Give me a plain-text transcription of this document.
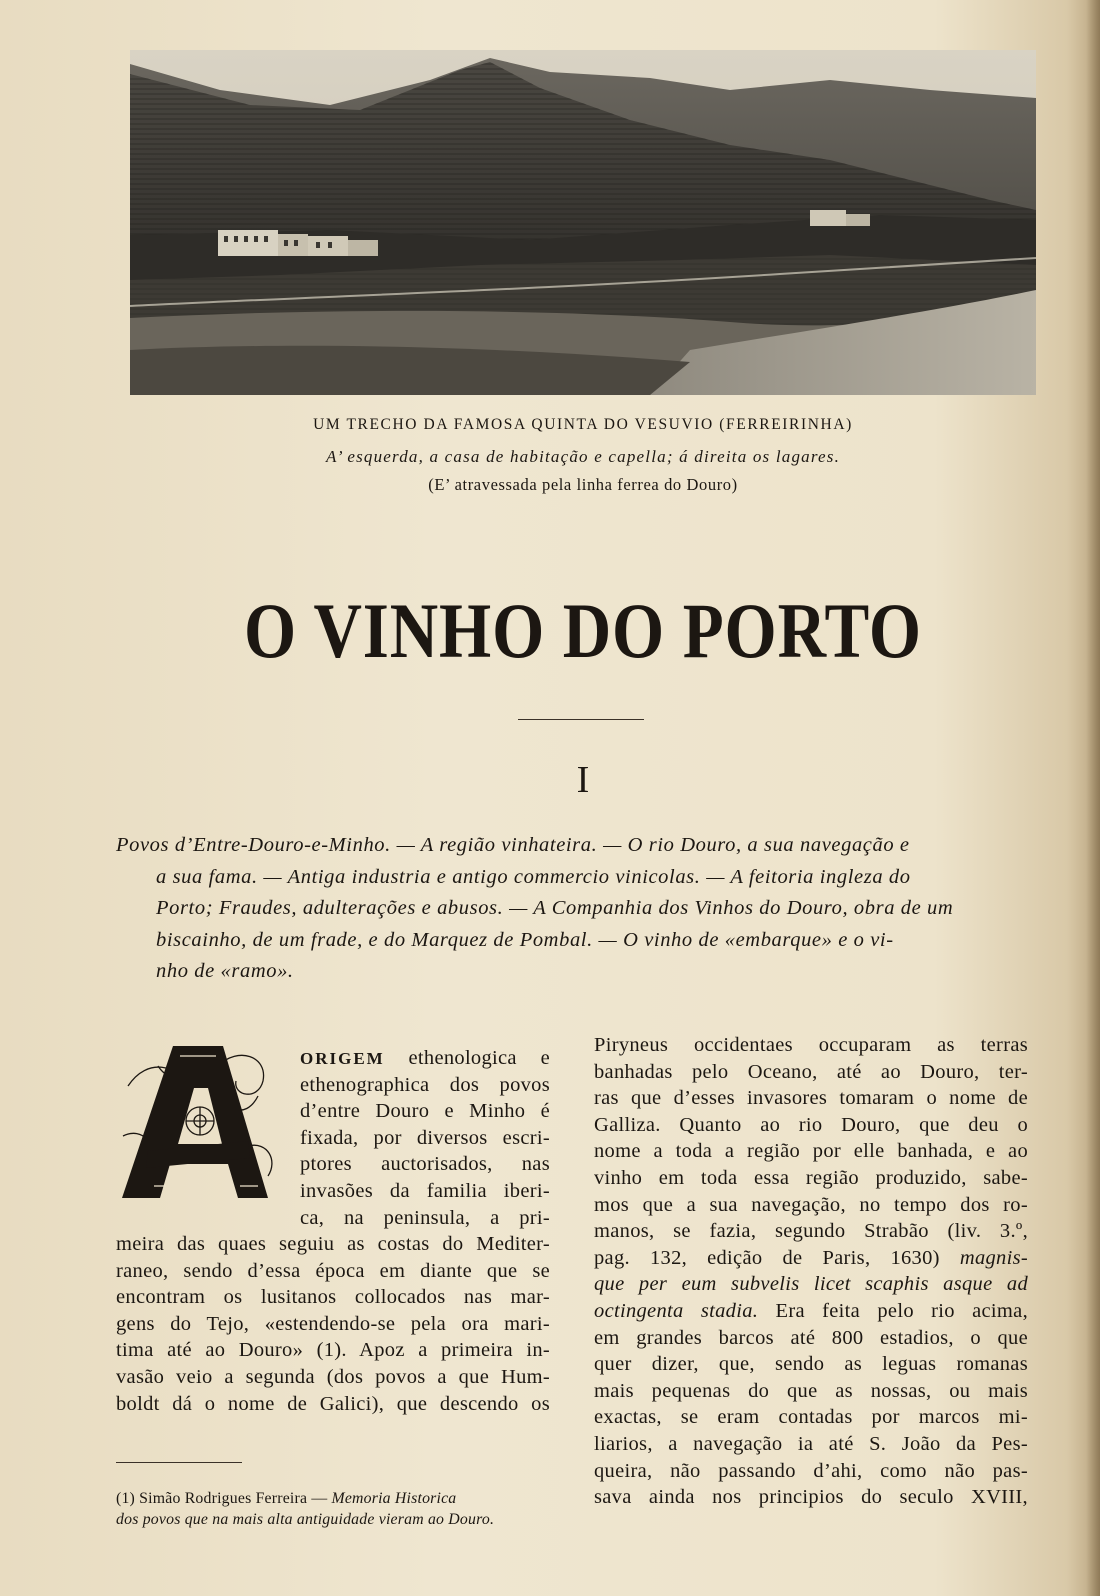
UM TRECHO DA FAMOSA QUINTA DO VESUVIO (FERREIRINHA)
A’ esquerda, a casa de habitação e capella; á direita os lagares.
(E’ atravessada pela linha ferrea do Douro)
O VINHO DO PORTO
I
Povos d’Entre-Douro-e-Minho. — A região vinhateira. — O rio Douro, a sua navegação e
a sua fama. — Antiga industria e antigo commercio vinicolas. — A feitoria ingleza do
Porto; Fraudes, adulterações e abusos. — A Companhia dos Vinhos do Douro, obra de um
biscainho, de um frade, e do Marquez de Pombal. — O vinho de «embarque» e o vi-
nho de «ramo».
A
ORIGEM ethenologica e
ethenographica dos povos
d’entre Douro e Minho é
fixada, por diversos escri-
ptores auctorisados, nas
invasões da familia iberi-
ca, na peninsula, a pri-
meira das quaes seguiu as costas do Mediter-
raneo, sendo d’essa época em diante que se
encontram os lusitanos collocados nas mar-
gens do Tejo, «estendendo-se pela ora mari-
tima até ao Douro» (1). Apoz a primeira in-
vasão veio a segunda (dos povos a que Hum-
boldt dá o nome de Galici), que descendo os
(1) Simão Rodrigues Ferreira — Memoria Historica
dos povos que na mais alta antiguidade vieram ao Douro.
Piryneus occidentaes occuparam as terras
banhadas pelo Oceano, até ao Douro, ter-
ras que d’esses invasores tomaram o nome de
Galliza. Quanto ao rio Douro, que deu o
nome a toda a região por elle banhada, e ao
vinho em toda essa região produzido, sabe-
mos que a sua navegação, no tempo dos ro-
manos, se fazia, segundo Strabão (liv. 3.º,
pag. 132, edição de Paris, 1630) magnis-
que per eum subvelis licet scaphis asque ad
octingenta stadia. Era feita pelo rio acima,
em grandes barcos até 800 estadios, o que
quer dizer, que, sendo as leguas romanas
mais pequenas do que as nossas, ou mais
exactas, se eram contadas por marcos mi-
liarios, a navegação ia até S. João da Pes-
queira, não passando d’ahi, como não pas-
sava ainda nos principios do seculo XVIII,
